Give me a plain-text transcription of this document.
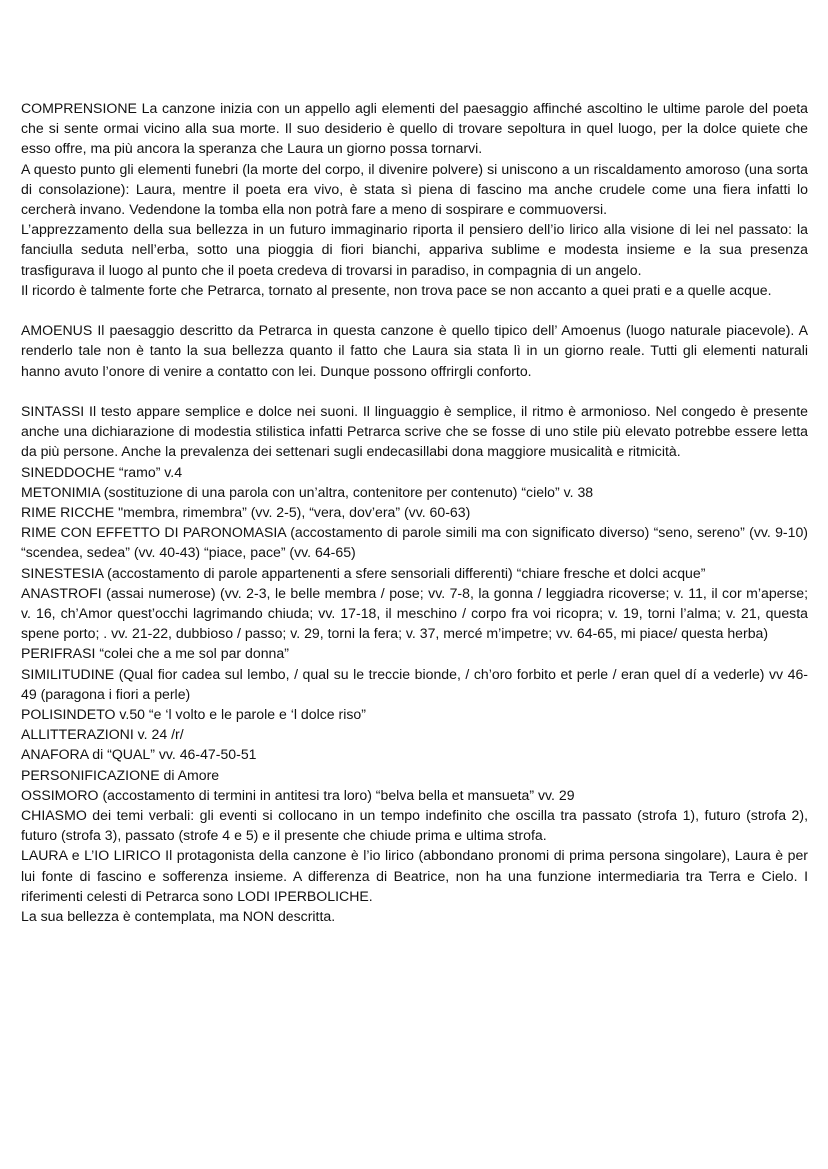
COMPRENSIONE La canzone inizia con un appello agli elementi del paesaggio affinché ascoltino le ultime parole del poeta che si sente ormai vicino alla sua morte. Il suo desiderio è quello di trovare sepoltura in quel luogo, per la dolce quiete che esso offre, ma più ancora la speranza che Laura un giorno possa tornarvi.

A questo punto gli elementi funebri (la morte del corpo, il divenire polvere) si uniscono a un riscaldamento amoroso (una sorta di consolazione): Laura, mentre il poeta era vivo, è stata sì piena di fascino ma anche crudele come una fiera infatti lo cercherà invano. Vedendone la tomba ella non potrà fare a meno di sospirare e commuoversi.

L’apprezzamento della sua bellezza in un futuro immaginario riporta il pensiero dell’io lirico alla visione di lei nel passato: la fanciulla seduta nell’erba, sotto una pioggia di fiori bianchi, appariva sublime e modesta insieme e la sua presenza trasfigurava il luogo al punto che il poeta credeva di trovarsi in paradiso, in compagnia di un angelo.

Il ricordo è talmente forte che Petrarca, tornato al presente, non trova pace se non accanto a quei prati e a quelle acque.

AMOENUS Il paesaggio descritto da Petrarca in questa canzone è quello tipico dell’ Amoenus (luogo naturale piacevole). A renderlo tale non è tanto la sua bellezza quanto il fatto che Laura sia stata lì in un giorno reale. Tutti gli elementi naturali hanno avuto l’onore di venire a contatto con lei. Dunque possono offrirgli conforto.

SINTASSI Il testo appare semplice e dolce nei suoni. Il linguaggio è semplice, il ritmo è armonioso. Nel congedo è presente anche una dichiarazione di modestia stilistica infatti Petrarca scrive che se fosse di uno stile più elevato potrebbe essere letta da più persone. Anche la prevalenza dei settenari sugli endecasillabi dona maggiore musicalità e ritmicità.

SINEDDOCHE “ramo” v.4

METONIMIA (sostituzione di una parola con un’altra, contenitore per contenuto) “cielo” v. 38

RIME RICCHE "membra, rimembra” (vv. 2-5), “vera, dov’era” (vv. 60-63)

RIME CON EFFETTO DI PARONOMASIA (accostamento di parole simili ma con significato diverso) “seno, sereno” (vv. 9-10) “scendea, sedea” (vv. 40-43) “piace, pace” (vv. 64-65)

SINESTESIA (accostamento di parole appartenenti a sfere sensoriali differenti) “chiare fresche et dolci acque”

ANASTROFI (assai numerose) (vv. 2-3, le belle membra / pose; vv. 7-8, la gonna / leggiadra ricoverse; v. 11, il cor m’aperse; v. 16, ch’Amor quest’occhi lagrimando chiuda; vv. 17-18, il meschino / corpo fra voi ricopra; v. 19, torni l’alma; v. 21, questa spene porto; . vv. 21-22, dubbioso / passo; v. 29, torni la fera; v. 37, mercé m’impetre; vv. 64-65, mi piace/ questa herba)

PERIFRASI “colei che a me sol par donna”

SIMILITUDINE (Qual fior cadea sul lembo, / qual su le treccie bionde, / ch’oro forbito et perle / eran quel dí a vederle) vv 46-49 (paragona i fiori a perle)

POLISINDETO v.50 “e ‘l volto e le parole e ‘l dolce riso”

ALLITTERAZIONI v. 24 /r/

ANAFORA di “QUAL” vv. 46-47-50-51

PERSONIFICAZIONE di Amore

OSSIMORO (accostamento di termini in antitesi tra loro) “belva bella et mansueta” vv. 29

CHIASMO dei temi verbali: gli eventi si collocano in un tempo indefinito che oscilla tra passato (strofa 1), futuro (strofa 2), futuro (strofa 3), passato (strofe 4 e 5) e il presente che chiude prima e ultima strofa.

LAURA e L’IO LIRICO Il protagonista della canzone è l’io lirico (abbondano pronomi di prima persona singolare), Laura è per lui fonte di fascino e sofferenza insieme. A differenza di Beatrice, non ha una funzione intermediaria tra Terra e Cielo. I riferimenti celesti di Petrarca sono LODI IPERBOLICHE.

La sua bellezza è contemplata, ma NON descritta.
